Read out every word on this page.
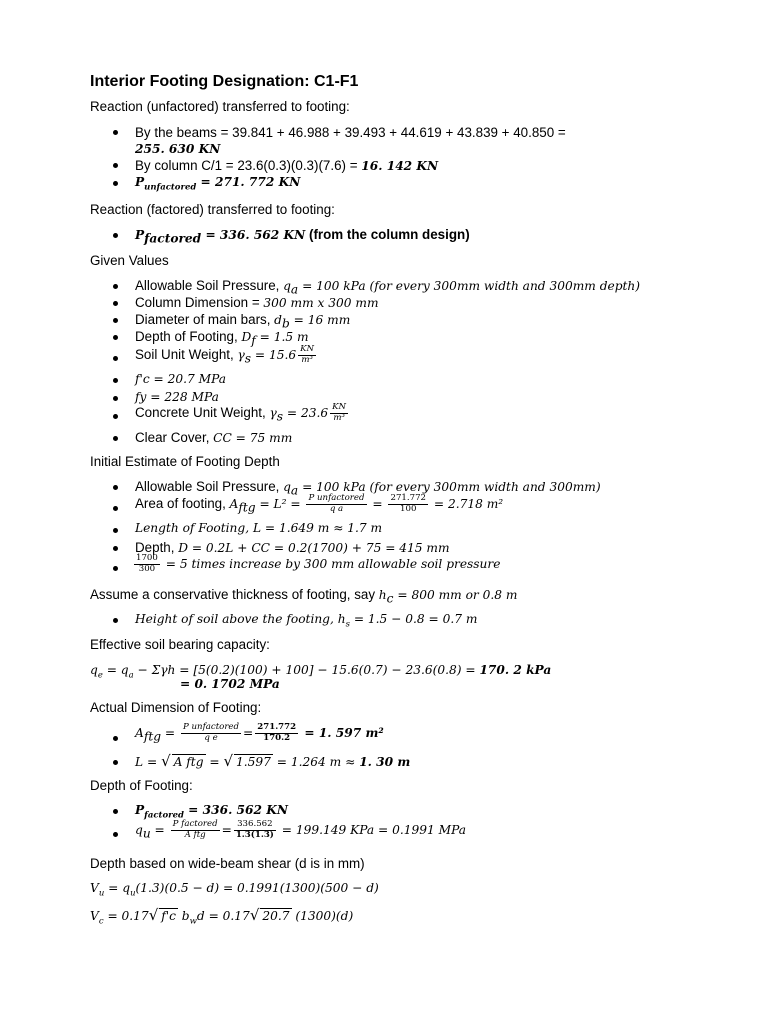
Interior Footing Designation: C1-F1
Reaction (unfactored) transferred to footing:
By the beams = 39.841 + 46.988 + 39.493 + 44.619 + 43.839 + 40.850 =
255. 630 KN
By column C/1 = 23.6(0.3)(0.3)(7.6) = 16. 142 KN
$P_{unfactored} = 271$. 772 KN
Reaction (factored) transferred to footing:
$P_{factored} = 336$. 562 KN (from the column design)
Given Values
Allowable Soil Pressure, $q_a = 100$ kPa (for every 300mm width and 300mm depth)
Column Dimension = 300 mm x 300 mm
Diameter of main bars, $d_b = 16$ mm
Depth of Footing, $D_f = 1.5$ m
Soil Unit Weight, $\gamma_s = 15.6 \frac{KN}{\text{m³}}$
f'c = 20.7 MPa
fy = 228 MPa
Concrete Unit Weight, $\gamma_s = 23.6 \frac{KN}{\text{m³}}$
Clear Cover, CC = 75 mm
Initial Estimate of Footing Depth
Allowable Soil Pressure, $q_a = 100$ kPa (for every 300mm width and 300mm)
Area of footing, $A_{ftg} = L^2 = P$ unfactored
q a	= $\frac{271.772}{100} = 2.718$ m²
Length of Footing, L = 1.649 m ≈ 1.7 m
Depth, D = 0.2L + CC = 0.2(1700) + 75 = 415 mm
$\frac{1700}{300} = 5$ times increase by 300 mm allowable soil pressure
Assume a conservative thickness of footing, say $h_c = 800$ mm or 0.8 m
Height of soil above the footing, $h_s = 1.5 - 0.8 = 0.7$ m
Effective soil bearing capacity:
$q_e = q_a - \Sigma\gamma h = [5(0.2)(100) + 100] - 15.6(0.7) - 23.6(0.8) = 170$. 2 kPa
= 0. 1702 MPa
Actual Dimension of Footing:
$A_{ftg} = P$ unfactored
q e	= $\frac{271.772}{170.2} = 1$. 597 m²
L = √ A ftg = √ 1.597 = 1.264 m ≈ 1. 30 m
Depth of Footing:
$P_{factored} = 336$. 562 KN
$q_u = P$ factored
A ftg	= $\frac{336.562}{1.3(1.3)} = 199.149$ KPa = 0.1991 MPa
Depth based on wide-beam shear (d is in mm)
$V_u = q_u(1.3)(0.5 - d) = 0.1991(1300)(500 - d)$
$V_c = 0.17√$ f'c $b_wd = 0.17√$ 20.7 (1300)(d)
